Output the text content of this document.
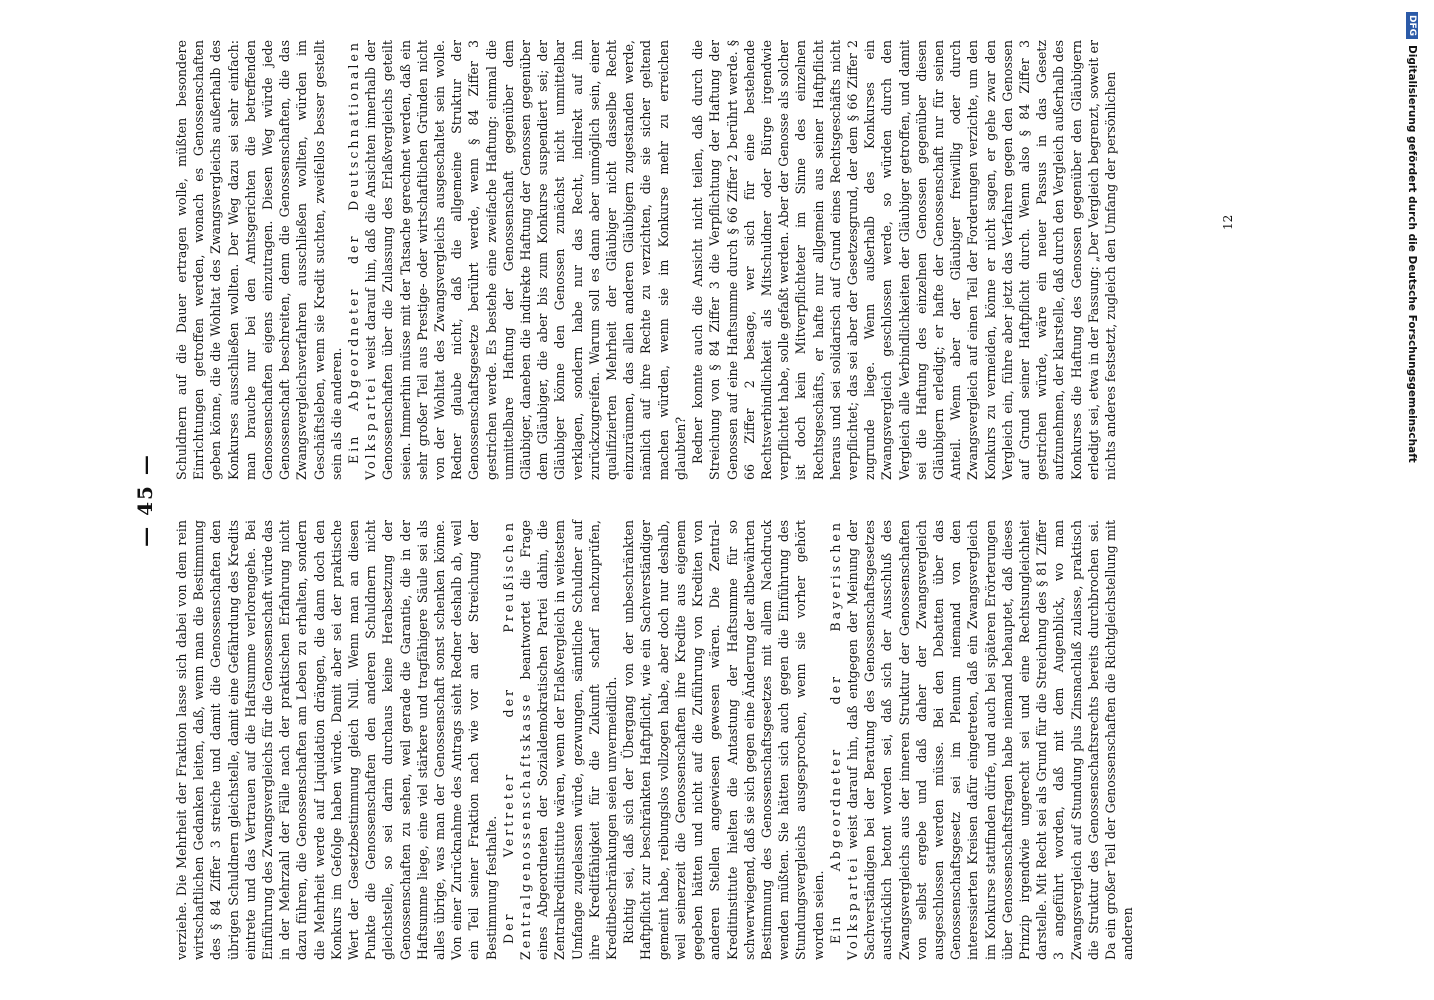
— 45 —

verziehe. Die Mehrheit der Fraktion lasse sich dabei von dem rein wirtschaftlichen Gedanken leiten, daß, wenn man die Bestimmung des § 84 Ziffer 3 streiche und damit die Genossenschaften den übrigen Schuldnern gleichstelle, damit eine Gefährdung des Kredits eintrete und das Vertrauen auf die Haftsumme verlorengehe. Bei Einführung des Zwangsvergleichs für die Genossenschaft würde das in der Mehrzahl der Fälle nach der praktischen Erfahrung nicht dazu führen, die Genossenschaften am Leben zu erhalten, sondern die Mehrheit werde auf Liquidation drängen, die dann doch den Konkurs im Gefolge haben würde. Damit aber sei der praktische Wert der Gesetzbestimmung gleich Null. Wenn man an diesen Punkte die Genossenschaften den anderen Schuldnern nicht gleichstelle, so sei darin durchaus keine Herabsetzung der Genossenschaften zu sehen, weil gerade die Garantie, die in der Haftsumme liege, eine viel stärkere und tragfähigere Säule sei als alles übrige, was man der Genossenschaft sonst schenken könne. Von einer Zurücknahme des Antrags sieht Redner deshalb ab, weil ein Teil seiner Fraktion nach wie vor an der Streichung der Bestimmung festhalte. Der Vertreter der Preußischen Zentralgenossenschaftskasse beantwortet die Frage eines Abgeordneten der Sozialdemokratischen Partei dahin, die Zentralkreditinstitute wären, wenn der Erlaßvergleich in weitestem Umfange zugelassen würde, gezwungen, sämtliche Schuldner auf ihre Kreditfähigkeit für die Zukunft scharf nachzuprüfen, Kreditbeschränkungen seien unvermeidlich. Richtig sei, daß sich der Übergang von der unbeschränkten Haftpflicht zur beschränkten Haftpflicht, wie ein Sachverständiger gemeint habe, reibungslos vollzogen habe, aber doch nur deshalb, weil seinerzeit die Genossenschaften ihre Kredite aus eigenem gegeben hätten und nicht auf die Zuführung von Krediten von anderen Stellen angewiesen gewesen wären. Die Zentral-Kreditinstitute hielten die Antastung der Haftsumme für so schwerwiegend, daß sie sich gegen eine Änderung der altbewährten Bestimmung des Genossenschaftsgesetzes mit allem Nachdruck wenden müßten. Sie hätten sich auch gegen die Einführung des Stundungsvergleichs ausgesprochen, wenn sie vorher gehört worden seien. Ein Abgeordneter der Bayerischen Volkspartei weist darauf hin, daß entgegen der Meinung der Sachverständigen bei der Beratung des Genossenschaftsgesetzes ausdrücklich betont worden sei, daß sich der Ausschluß des Zwangsvergleichs aus der inneren Struktur der Genossenschaften von selbst ergebe und daß daher der Zwangsvergleich ausgeschlossen werden müsse. Bei den Debatten über das Genossenschaftsgesetz sei im Plenum niemand von den interessierten Kreisen dafür eingetreten, daß ein Zwangsvergleich im Konkurse stattfinden dürfe, und auch bei späteren Erörterungen über Genossenschaftsfragen habe niemand behauptet, daß dieses Prinzip irgendwie ungerecht sei und eine Rechtsungleichheit darstelle. Mit Recht sei als Grund für die Streichung des § 81 Ziffer 3 angeführt worden, daß mit dem Augenblick, wo man Zwangsvergleich auf Stundung plus Zinsnachlaß zulasse, praktisch die Struktur des Genossenschaftsrechts bereits durchbrochen sei. Da ein großer Teil der Genossenschaften die Richtgleichstellung mit anderen

Schuldnern auf die Dauer ertragen wolle, müßten besondere Einrichtungen getroffen werden, wonach es Genossenschaften geben könne, die die Wohltat des Zwangsvergleichs außerhalb des Konkurses ausschließen wollten. Der Weg dazu sei sehr einfach: man brauche nur bei den Amtsgerichten die betreffenden Genossenschaften eigens einzutragen. Diesen Weg würde jede Genossenschaft beschreiten, denn die Genossenschaften, die das Zwangsvergleichsverfahren ausschließen wollten, würden im Geschäftsleben, wenn sie Kredit suchten, zweifellos besser gestellt sein als die anderen. Ein Abgeordneter der Deutschnationalen Volkspartei weist darauf hin, daß die Ansichten innerhalb der Genossenschaften über die Zulassung des Erlaßvergleichs geteilt seien. Immerhin müsse mit der Tatsache gerechnet werden, daß ein sehr großer Teil aus Prestige- oder wirtschaftlichen Gründen nicht von der Wohltat des Zwangsvergleichs ausgeschaltet sein wolle. Redner glaube nicht, daß die allgemeine Struktur der Genossenschaftsgesetze berührt werde, wenn § 84 Ziffer 3 gestrichen werde. Es bestehe eine zweifache Haftung: einmal die unmittelbare Haftung der Genossenschaft gegenüber dem Gläubiger, daneben die indirekte Haftung der Genossen gegenüber dem Gläubiger, die aber bis zum Konkurse suspendiert sei; der Gläubiger könne den Genossen zunächst nicht unmittelbar verklagen, sondern habe nur das Recht, indirekt auf ihn zurückzugreifen. Warum soll es dann aber unmöglich sein, einer qualifizierten Mehrheit der Gläubiger nicht dasselbe Recht einzuräumen, das allen anderen Gläubigern zugestanden werde, nämlich auf ihre Rechte zu verzichten, die sie sicher geltend machen würden, wenn sie im Konkurse mehr zu erreichen glaubten? Redner konnte auch die Ansicht nicht teilen, daß durch die Streichung von § 84 Ziffer 3 die Verpflichtung der Haftung der Genossen auf eine Haftsumme durch § 66 Ziffer 2 berührt werde. § 66 Ziffer 2 besage, wer sich für eine bestehende Rechtsverbindlichkeit als Mitschuldner oder Bürge irgendwie verpflichtet habe, solle gefaßt werden. Aber der Genosse als solcher ist doch kein Mitverpflichteter im Sinne des einzelnen Rechtsgeschäfts, er hafte nur allgemein aus seiner Haftpflicht heraus und sei solidarisch auf Grund eines Rechtsgeschäfts nicht verpflichtet; das sei aber der Gesetzesgrund, der dem § 66 Ziffer 2 zugrunde liege. Wenn außerhalb des Konkurses ein Zwangsvergleich geschlossen werde, so würden durch den Vergleich alle Verbindlichkeiten der Gläubiger getroffen, und damit sei die Haftung des einzelnen Genossen gegenüber diesen Gläubigern erledigt; er hafte der Genossenschaft nur für seinen Anteil. Wenn aber der Gläubiger freiwillig oder durch Zwangsvergleich auf einen Teil der Forderungen verzichte, um den Konkurs zu vermeiden, könne er nicht sagen, er gehe zwar den Vergleich ein, führe aber jetzt das Verfahren gegen den Genossen auf Grund seiner Haftpflicht durch. Wenn also § 84 Ziffer 3 gestrichen würde, wäre ein neuer Passus in das Gesetz aufzunehmen, der klarstelle, daß durch den Vergleich außerhalb des Konkurses die Haftung des Genossen gegenüber den Gläubigern erledigt sei, etwa in der Fassung: „Der Vergleich begrenzt, soweit er nichts anderes festsetzt, zugleich den Umfang der persönlichen	12
DFG
Digitalisierung gefördert durch die Deutsche Forschungsgemeinschaft
